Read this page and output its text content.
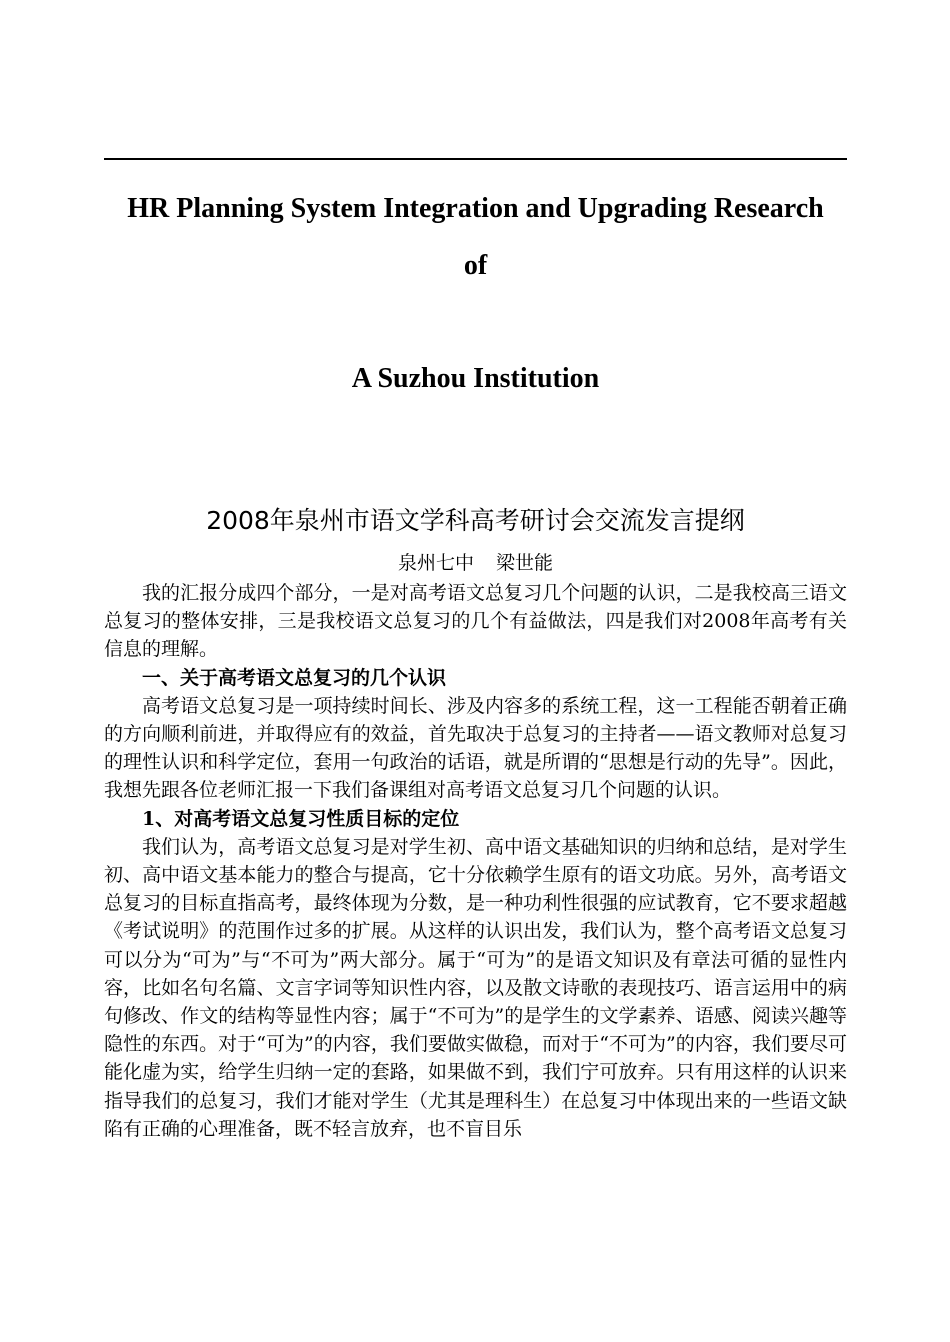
HR Planning System Integration and Upgrading Research
of
A Suzhou Institution
2008年泉州市语文学科高考研讨会交流发言提纲
泉州七中 梁世能

我的汇报分成四个部分，一是对高考语文总复习几个问题的认识，二是我校高三语文总复习的整体安排，三是我校语文总复习的几个有益做法，四是我们对2008年高考有关信息的理解。

一、关于高考语文总复习的几个认识

高考语文总复习是一项持续时间长、涉及内容多的系统工程，这一工程能否朝着正确的方向顺利前进，并取得应有的效益，首先取决于总复习的主持者——语文教师对总复习的理性认识和科学定位，套用一句政治的话语，就是所谓的“思想是行动的先导”。因此，我想先跟各位老师汇报一下我们备课组对高考语文总复习几个问题的认识。

1、对高考语文总复习性质目标的定位

我们认为，高考语文总复习是对学生初、高中语文基础知识的归纳和总结，是对学生初、高中语文基本能力的整合与提高，它十分依赖学生原有的语文功底。另外，高考语文总复习的目标直指高考，最终体现为分数，是一种功利性很强的应试教育，它不要求超越《考试说明》的范围作过多的扩展。从这样的认识出发，我们认为，整个高考语文总复习可以分为“可为”与“不可为”两大部分。属于“可为”的是语文知识及有章法可循的显性内容，比如名句名篇、文言字词等知识性内容，以及散文诗歌的表现技巧、语言运用中的病句修改、作文的结构等显性内容；属于“不可为”的是学生的文学素养、语感、阅读兴趣等隐性的东西。对于“可为”的内容，我们要做实做稳，而对于“不可为”的内容，我们要尽可能化虚为实，给学生归纳一定的套路，如果做不到，我们宁可放弃。只有用这样的认识来指导我们的总复习，我们才能对学生（尤其是理科生）在总复习中体现出来的一些语文缺陷有正确的心理准备，既不轻言放弃，也不盲目乐
